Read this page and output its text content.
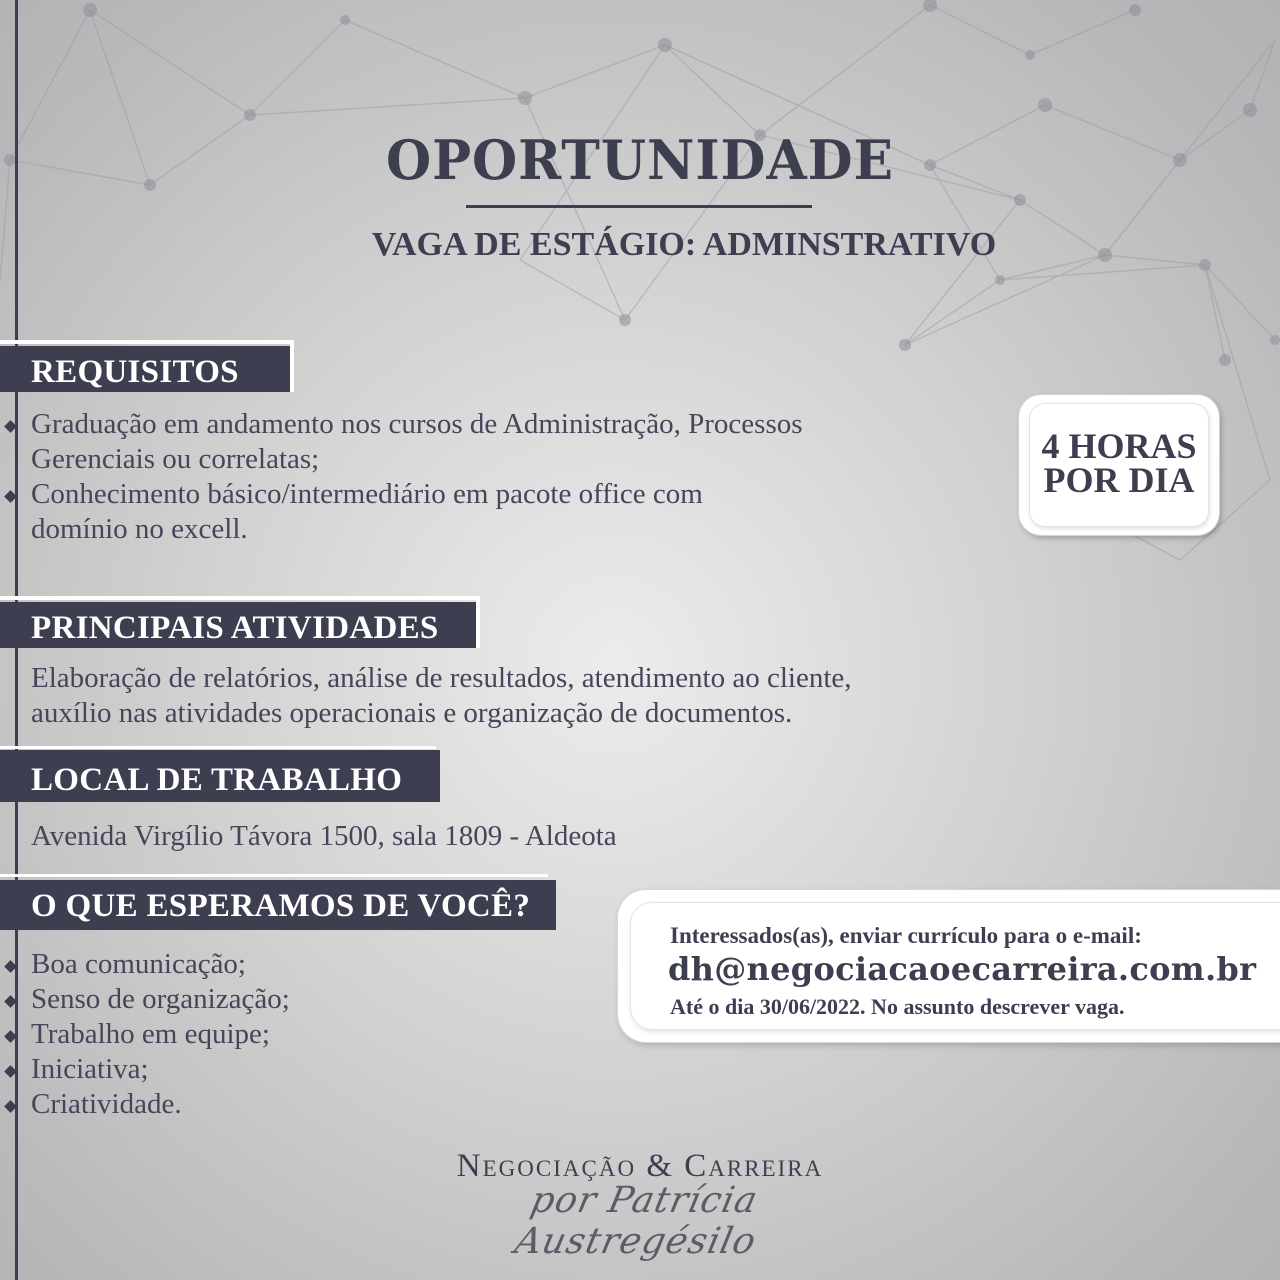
OPORTUNIDADE
VAGA DE ESTÁGIO: ADMINSTRATIVO
REQUISITOS
Graduação em andamento nos cursos de Administração, Processos
Gerenciais ou correlatas;
Conhecimento básico/intermediário em pacote office com
domínio no excell.
4 HORAS
POR DIA
PRINCIPAIS ATIVIDADES
Elaboração de relatórios, análise de resultados, atendimento ao cliente,
auxílio nas atividades operacionais e organização de documentos.
LOCAL DE TRABALHO
Avenida Virgílio Távora 1500, sala 1809 - Aldeota
O QUE ESPERAMOS DE VOCÊ?
Boa comunicação;
Senso de organização;
Trabalho em equipe;
Iniciativa;
Criatividade.
Interessados(as), enviar currículo para o e-mail:
dh@negociacaoecarreira.com.br
Até o dia 30/06/2022. No assunto descrever vaga.
Negociação & Carreira
por Patrícia Austregésilo
